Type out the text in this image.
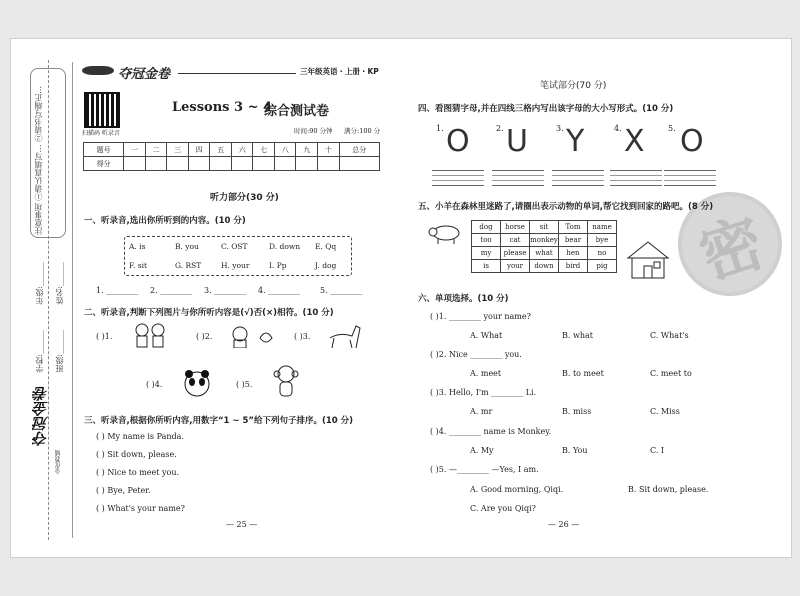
注意事项 ①请认真填写… ②请书写端正…
学校:______
班级:______
年级:______
姓名:______
夺冠金卷
金优教辅
夺冠金卷	三年级英语・上册・KP
扫描码 听录音
Lessons 3 ~ 4
综合测试卷
时间:90 分钟 满分:100 分
题号	一	二	三	四	五	六	七	八	九	十	总分
得分											
听力部分(30 分)
一、听录音,选出你所听到的内容。(10 分)
A. is	B. you	C. OST	D. down E. Qq
F. sit	G. RST	H. your	I. Pp	J. dog
1. ________ 2. ________ 3. ________ 4. ________ 5. ________
二、听录音,判断下列图片与你所听内容是(√)否(×)相符。(10 分)
( )1.	( )2.	( )3.
( )4.	( )5.
三、听录音,根据你所听内容,用数字“1 ~ 5”给下列句子排序。(10 分)
( ) My name is Panda.
( ) Sit down, please.
( ) Nice to meet you.
( ) Bye, Peter.
( ) What's your name?
— 25 —
笔试部分(70 分)
四、看图猜字母,并在四线三格内写出该字母的大小写形式。(10 分)
1.	2.	3.	4.	5.
O U Y X O
密
五、小羊在森林里迷路了,请圈出表示动物的单词,帮它找到回家的路吧。(8 分)
dog	horse	sit	Tom	name
too	cat	monkey	bear	bye
my	please	what	hen	no
is	your	down	bird	pig
六、单项选择。(10 分)
( )1. ________ your name?
A. What	B. what	C. What's
( )2. Nice ________ you.
A. meet	B. to meet	C. meet to
( )3. Hello, I'm ________ Li.
A. mr	B. miss	C. Miss
( )4. ________ name is Monkey.
A. My	B. You	C. I
( )5. —________ —Yes, I am.
A. Good morning, Qiqi.	B. Sit down, please.
C. Are you Qiqi?
— 26 —
